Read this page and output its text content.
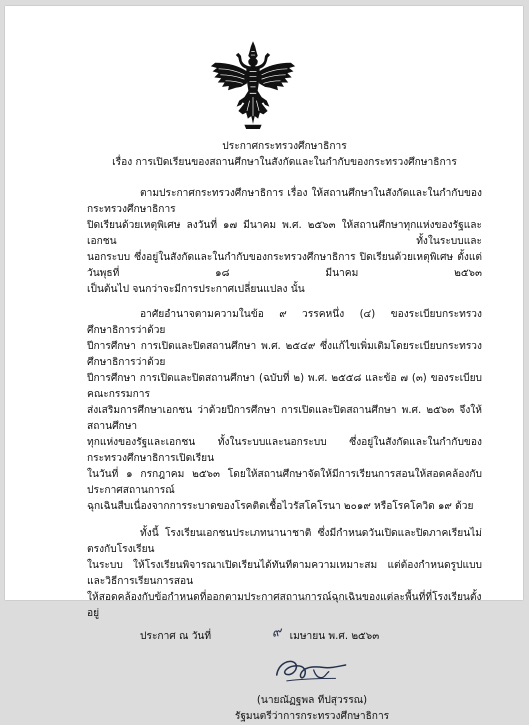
ประกาศกระทรวงศึกษาธิการ
เรื่อง การเปิดเรียนของสถานศึกษาในสังกัดและในกำกับของกระทรวงศึกษาธิการ
ตามประกาศกระทรวงศึกษาธิการ เรื่อง ให้สถานศึกษาในสังกัดและในกำกับของกระทรวงศึกษาธิการ
ปิดเรียนด้วยเหตุพิเศษ ลงวันที่ ๑๗ มีนาคม พ.ศ. ๒๕๖๓ ให้สถานศึกษาทุกแห่งของรัฐและเอกชน ทั้งในระบบและ
นอกระบบ ซึ่งอยู่ในสังกัดและในกำกับของกระทรวงศึกษาธิการ ปิดเรียนด้วยเหตุพิเศษ ตั้งแต่ วันพุธที่ ๑๘ มีนาคม ๒๕๖๓
เป็นต้นไป จนกว่าจะมีการประกาศเปลี่ยนแปลง นั้น
อาศัยอำนาจตามความในข้อ ๙ วรรคหนึ่ง (๔) ของระเบียบกระทรวงศึกษาธิการว่าด้วย
ปีการศึกษา การเปิดและปิดสถานศึกษา พ.ศ. ๒๕๔๙ ซึ่งแก้ไขเพิ่มเติมโดยระเบียบกระทรวงศึกษาธิการว่าด้วย
ปีการศึกษา การเปิดและปิดสถานศึกษา (ฉบับที่ ๒) พ.ศ. ๒๕๕๘ และข้อ ๗ (๓) ของระเบียบคณะกรรมการ
ส่งเสริมการศึกษาเอกชน ว่าด้วยปีการศึกษา การเปิดและปิดสถานศึกษา พ.ศ. ๒๕๖๓ จึงให้สถานศึกษา
ทุกแห่งของรัฐและเอกชน ทั้งในระบบและนอกระบบ ซึ่งอยู่ในสังกัดและในกำกับของกระทรวงศึกษาธิการเปิดเรียน
ในวันที่ ๑ กรกฎาคม ๒๕๖๓ โดยให้สถานศึกษาจัดให้มีการเรียนการสอนให้สอดคล้องกับประกาศสถานการณ์
ฉุกเฉินสืบเนื่องจากการระบาดของโรคติดเชื้อไวรัสโคโรนา ๒๐๑๙ หรือโรคโควิด ๑๙ ด้วย
ทั้งนี้ โรงเรียนเอกชนประเภทนานาชาติ ซึ่งมีกำหนดวันเปิดและปิดภาคเรียนไม่ตรงกับโรงเรียน
ในระบบ ให้โรงเรียนพิจารณาเปิดเรียนได้ทันทีตามความเหมาะสม แต่ต้องกำหนดรูปแบบและวิธีการเรียนการสอน
ให้สอดคล้องกับข้อกำหนดที่ออกตามประกาศสถานการณ์ฉุกเฉินของแต่ละพื้นที่ที่โรงเรียนตั้งอยู่
ประกาศ ณ วันที่	๙ เมษายน พ.ศ. ๒๕๖๓
(นายณัฏฐพล ทีปสุวรรณ)
รัฐมนตรีว่าการกระทรวงศึกษาธิการ
